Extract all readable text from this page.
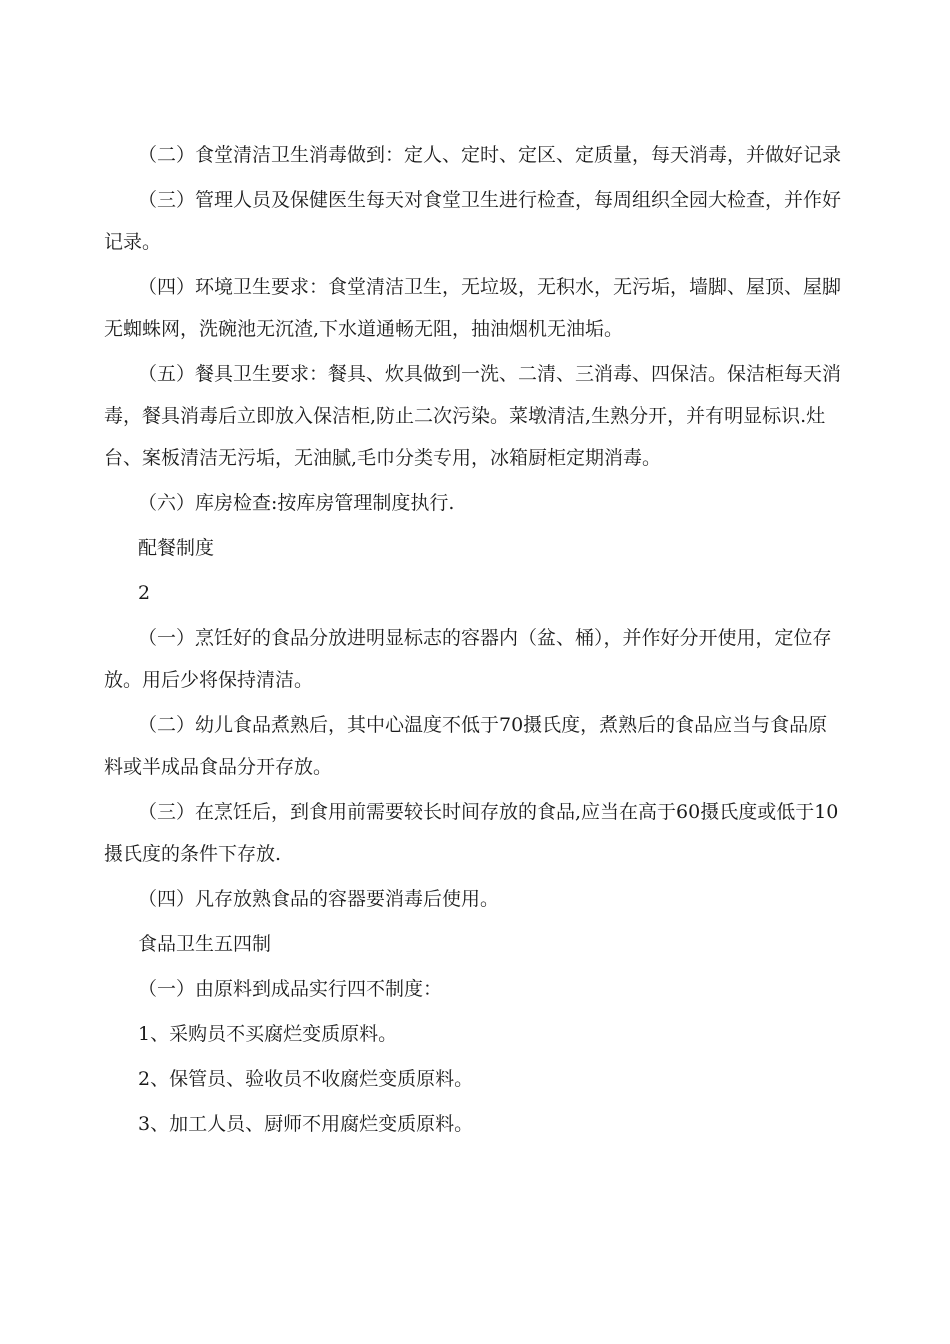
（二）食堂清洁卫生消毒做到：定人、定时、定区、定质量，每天消毒，并做好记录

（三）管理人员及保健医生每天对食堂卫生进行检查，每周组织全园大检查，并作好记录。

（四）环境卫生要求：食堂清洁卫生，无垃圾，无积水，无污垢，墙脚、屋顶、屋脚无蜘蛛网，洗碗池无沉渣,下水道通畅无阻，抽油烟机无油垢。

（五）餐具卫生要求：餐具、炊具做到一洗、二清、三消毒、四保洁。保洁柜每天消毒，餐具消毒后立即放入保洁柜,防止二次污染。菜墩清洁,生熟分开，并有明显标识.灶台、案板清洁无污垢，无油腻,毛巾分类专用，冰箱厨柜定期消毒。

（六）库房检查:按库房管理制度执行.

配餐制度

2

（一）烹饪好的食品分放进明显标志的容器内（盆、桶），并作好分开使用，定位存放。用后少将保持清洁。

（二）幼儿食品煮熟后，其中心温度不低于70摄氏度，煮熟后的食品应当与食品原料或半成品食品分开存放。

（三）在烹饪后，到食用前需要较长时间存放的食品,应当在高于60摄氏度或低于10摄氏度的条件下存放.

（四）凡存放熟食品的容器要消毒后使用。

食品卫生五四制

（一）由原料到成品实行四不制度：

1、采购员不买腐烂变质原料。

2、保管员、验收员不收腐烂变质原料。

3、加工人员、厨师不用腐烂变质原料。
